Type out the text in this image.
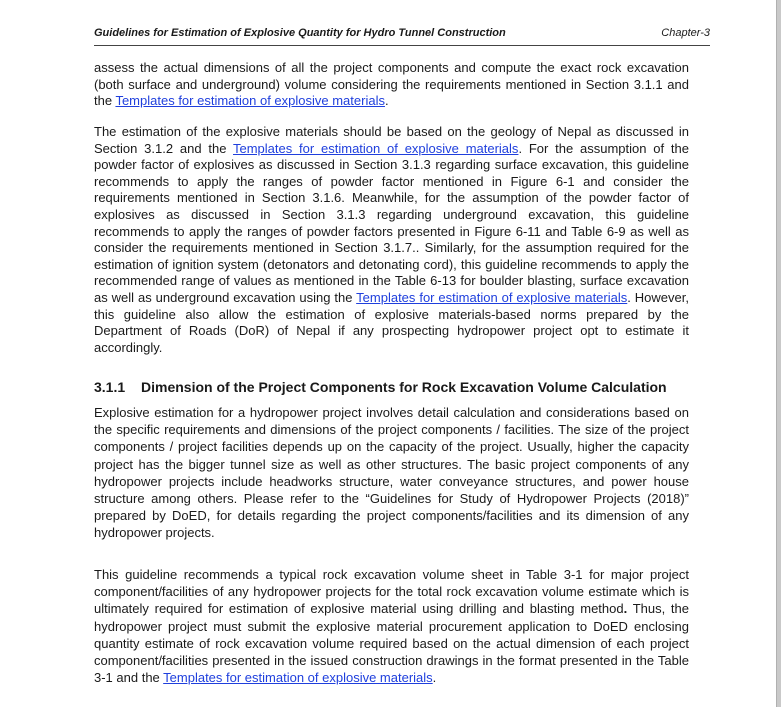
Guidelines for Estimation of Explosive Quantity for Hydro Tunnel Construction	Chapter-3
assess the actual dimensions of all the project components and compute the exact rock excavation (both surface and underground) volume considering the requirements mentioned in Section 3.1.1 and the Templates for estimation of explosive materials.
The estimation of the explosive materials should be based on the geology of Nepal as discussed in Section 3.1.2 and the Templates for estimation of explosive materials. For the assumption of the powder factor of explosives as discussed in Section 3.1.3 regarding surface excavation, this guideline recommends to apply the ranges of powder factor mentioned in Figure 6-1 and consider the requirements mentioned in Section 3.1.6. Meanwhile, for the assumption of the powder factor of explosives as discussed in Section 3.1.3 regarding underground excavation, this guideline recommends to apply the ranges of powder factors presented in Figure 6-11 and Table 6-9 as well as consider the requirements mentioned in Section 3.1.7.. Similarly, for the assumption required for the estimation of ignition system (detonators and detonating cord), this guideline recommends to apply the recommended range of values as mentioned in the Table 6-13 for boulder blasting, surface excavation as well as underground excavation using the Templates for estimation of explosive materials. However, this guideline also allow the estimation of explosive materials-based norms prepared by the Department of Roads (DoR) of Nepal if any prospecting hydropower project opt to estimate it accordingly.
3.1.1 Dimension of the Project Components for Rock Excavation Volume Calculation
Explosive estimation for a hydropower project involves detail calculation and considerations based on the specific requirements and dimensions of the project components / facilities. The size of the project components / project facilities depends up on the capacity of the project. Usually, higher the capacity project has the bigger tunnel size as well as other structures. The basic project components of any hydropower projects include headworks structure, water conveyance structures, and power house structure among others. Please refer to the “Guidelines for Study of Hydropower Projects (2018)” prepared by DoED, for details regarding the project components/facilities and its dimension of any hydropower projects.
This guideline recommends a typical rock excavation volume sheet in Table 3-1 for major project component/facilities of any hydropower projects for the total rock excavation volume estimate which is ultimately required for estimation of explosive material using drilling and blasting method. Thus, the hydropower project must submit the explosive material procurement application to DoED enclosing quantity estimate of rock excavation volume required based on the actual dimension of each project component/facilities presented in the issued construction drawings in the format presented in the Table 3-1 and the Templates for estimation of explosive materials.
